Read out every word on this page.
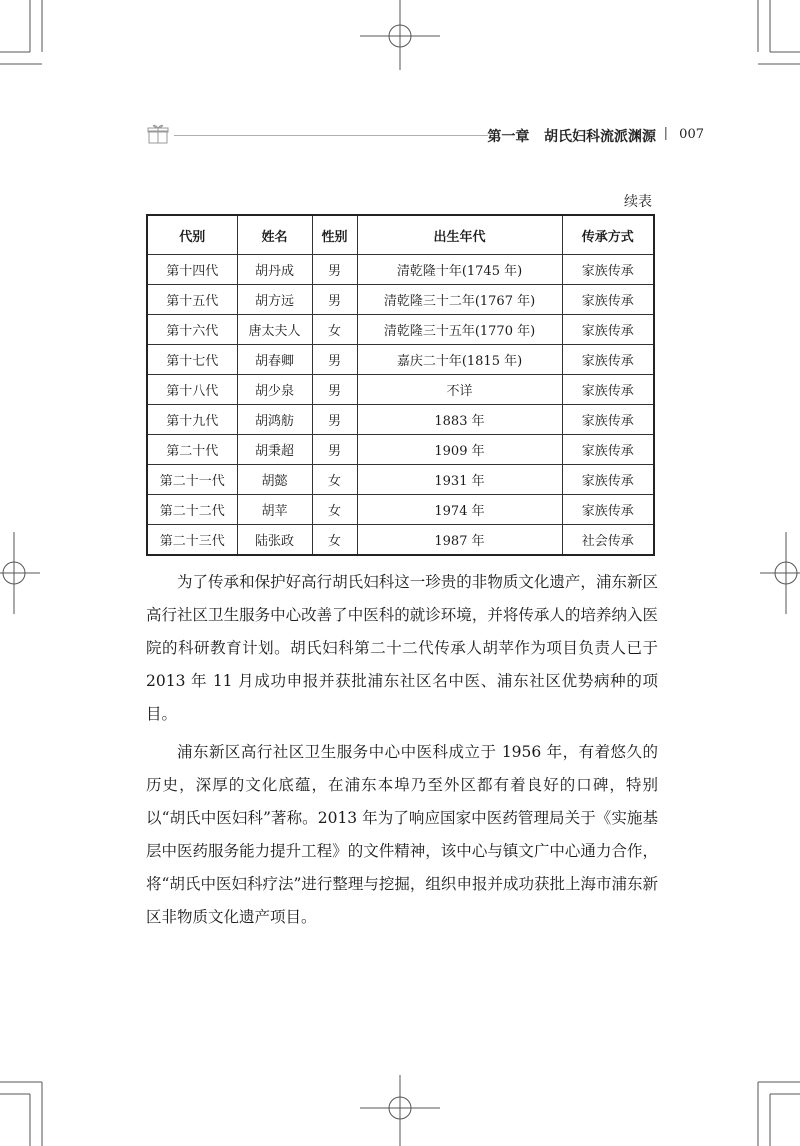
第一章 胡氏妇科流派渊源 | 007
续表
代别	姓名	性别	出生年代	传承方式
第十四代	胡丹成	男	清乾隆十年(1745 年)	家族传承
第十五代	胡方远	男	清乾隆三十二年(1767 年)	家族传承
第十六代	唐太夫人	女	清乾隆三十五年(1770 年)	家族传承
第十七代	胡春卿	男	嘉庆二十年(1815 年)	家族传承
第十八代	胡少泉	男	不详	家族传承
第十九代	胡鸿舫	男	1883 年	家族传承
第二十代	胡秉超	男	1909 年	家族传承
第二十一代	胡懿	女	1931 年	家族传承
第二十二代	胡苹	女	1974 年	家族传承
第二十三代	陆张政	女	1987 年	社会传承

为了传承和保护好高行胡氏妇科这一珍贵的非物质文化遗产，浦东新区高行社区卫生服务中心改善了中医科的就诊环境，并将传承人的培养纳入医院的科研教育计划。胡氏妇科第二十二代传承人胡苹作为项目负责人已于 2013 年 11 月成功申报并获批浦东社区名中医、浦东社区优势病种的项目。

浦东新区高行社区卫生服务中心中医科成立于 1956 年，有着悠久的历史，深厚的文化底蕴，在浦东本埠乃至外区都有着良好的口碑，特别以“胡氏中医妇科”著称。2013 年为了响应国家中医药管理局关于《实施基层中医药服务能力提升工程》的文件精神，该中心与镇文广中心通力合作，将“胡氏中医妇科疗法”进行整理与挖掘，组织申报并成功获批上海市浦东新区非物质文化遗产项目。
